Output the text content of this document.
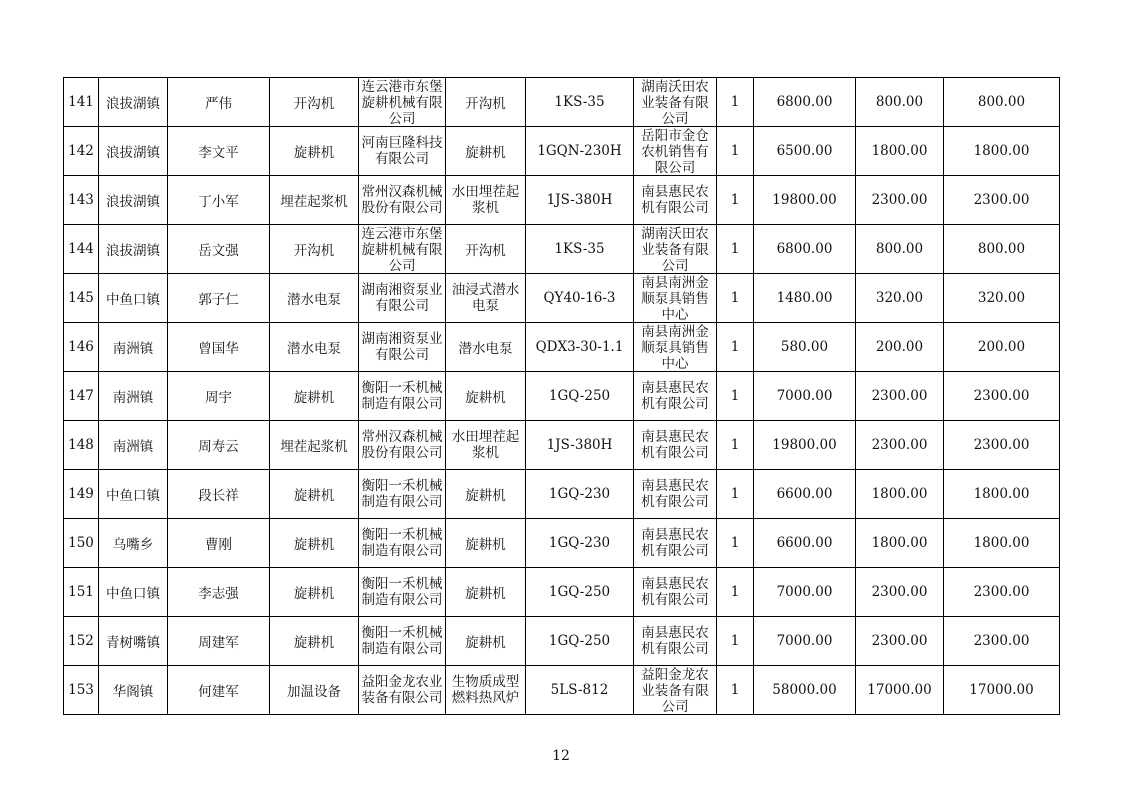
141	浪拔湖镇	严伟	开沟机	连云港市东堡旋耕机械有限公司	开沟机	1KS-35	湖南沃田农业装备有限公司	1	6800.00	800.00	800.00
142	浪拔湖镇	李文平	旋耕机	河南巨隆科技有限公司	旋耕机	1GQN-230H	岳阳市金仓农机销售有限公司	1	6500.00	1800.00	1800.00
143	浪拔湖镇	丁小军	埋茬起浆机	常州汉森机械股份有限公司	水田埋茬起浆机	1JS-380H	南县惠民农机有限公司	1	19800.00	2300.00	2300.00
144	浪拔湖镇	岳文强	开沟机	连云港市东堡旋耕机械有限公司	开沟机	1KS-35	湖南沃田农业装备有限公司	1	6800.00	800.00	800.00
145	中鱼口镇	郭子仁	潜水电泵	湖南湘资泵业有限公司	油浸式潜水电泵	QY40-16-3	南县南洲金顺泵具销售中心	1	1480.00	320.00	320.00
146	南洲镇	曾国华	潜水电泵	湖南湘资泵业有限公司	潜水电泵	QDX3-30-1.1	南县南洲金顺泵具销售中心	1	580.00	200.00	200.00
147	南洲镇	周宇	旋耕机	衡阳一禾机械制造有限公司	旋耕机	1GQ-250	南县惠民农机有限公司	1	7000.00	2300.00	2300.00
148	南洲镇	周寿云	埋茬起浆机	常州汉森机械股份有限公司	水田埋茬起浆机	1JS-380H	南县惠民农机有限公司	1	19800.00	2300.00	2300.00
149	中鱼口镇	段长祥	旋耕机	衡阳一禾机械制造有限公司	旋耕机	1GQ-230	南县惠民农机有限公司	1	6600.00	1800.00	1800.00
150	乌嘴乡	曹刚	旋耕机	衡阳一禾机械制造有限公司	旋耕机	1GQ-230	南县惠民农机有限公司	1	6600.00	1800.00	1800.00
151	中鱼口镇	李志强	旋耕机	衡阳一禾机械制造有限公司	旋耕机	1GQ-250	南县惠民农机有限公司	1	7000.00	2300.00	2300.00
152	青树嘴镇	周建军	旋耕机	衡阳一禾机械制造有限公司	旋耕机	1GQ-250	南县惠民农机有限公司	1	7000.00	2300.00	2300.00
153	华阁镇	何建军	加温设备	益阳金龙农业装备有限公司	生物质成型燃料热风炉	5LS-812	益阳金龙农业装备有限公司	1	58000.00	17000.00	17000.00
12
